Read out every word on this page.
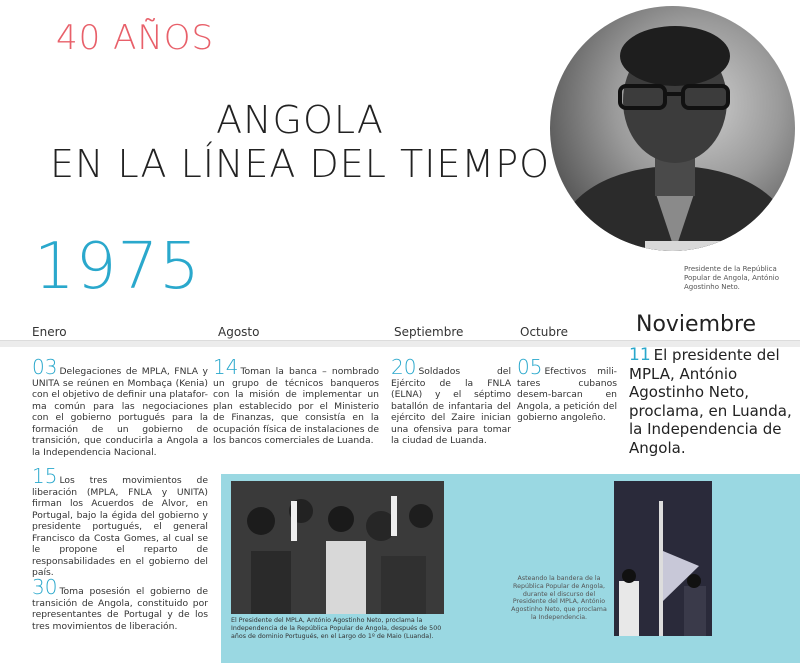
40 AÑOS
ANGOLA
EN LA LÍNEA DEL TIEMPO
1975	Presidente de la República Popular de Angola, António Agostinho Neto.
Enero	Agosto	Septiembre	Octubre	Noviembre
03 Delegaciones de MPLA, FNLA y UNITA se reúnen en Mombaça (Kenia) con el objetivo de definir una platafor-ma común para las negociaciones con el gobierno portugués para la formación de un gobierno de transición, que conducirla a Angola a la Independencia Nacional.
14 Toman la banca – nombrado un grupo de técnicos banqueros con la misión de implementar un plan establecido por el Ministerio de Finanzas, que consistía en la ocupación física de instalaciones de los bancos comerciales de Luanda.
20 Soldados del Ejército de la FNLA (ELNA) y el séptimo batallón de infantaria del ejército del Zaire inician una ofensiva para tomar la ciudad de Luanda.
05 Efectivos mili-tares cubanos desem-barcan en Angola, a petición del gobierno angoleño.
11 El presidente del MPLA, António Agostinho Neto, proclama, en Luanda, la Independencia de Angola.
15 Los tres movimientos de liberación (MPLA, FNLA y UNITA) firman los Acuerdos de Alvor, en Portugal, bajo la égida del gobierno y presidente portugués, el general Francisco da Costa Gomes, al cual se le propone el reparto de responsabilidades en el gobierno del país.
30 Toma posesión el gobierno de transición de Angola, constituido por representantes de Portugal y de los tres movimientos de liberación.	El Presidente del MPLA, António Agostinho Neto, proclama la Independencia de la República Popular de Angola, después de 500 años de dominio Portugués, en el Largo do 1º de Maio (Luanda).
Asteando la bandera de la República Popular de Angola, durante el discurso del Presidente del MPLA, António Agostinho Neto, que proclama la Independencia.
